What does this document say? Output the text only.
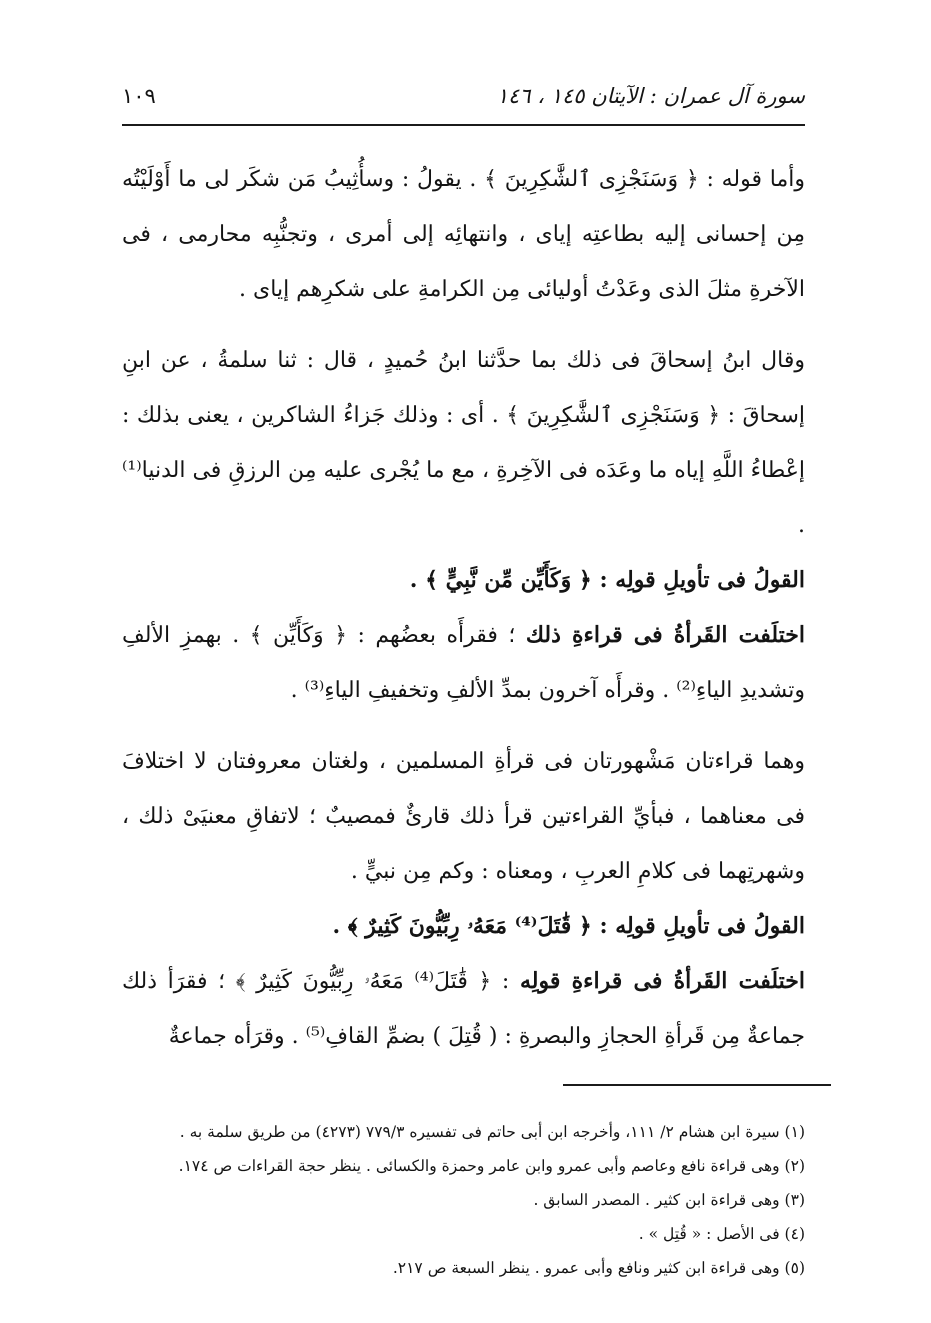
سورة آل عمران : الآيتان ١٤٥ ، ١٤٦
١٠٩

وأما قوله : ﴿ وَسَنَجْزِى ٱلشَّٰكِرِينَ ﴾ . يقولُ : وسأُثِيبُ مَن شكَر لى ما أَوْلَيْتُه مِن إحسانى إليه بطاعتِه إياى ، وانتهائِه إلى أمرى ، وتجنُّبِه محارمى ، فى الآخرةِ مثلَ الذى وعَدْتُ أوليائى مِن الكرامةِ على شكرِهم إياى .

وقال ابنُ إسحاقَ فى ذلك بما حدَّثنا ابنُ حُميدٍ ، قال : ثنا سلمةُ ، عن ابنِ إسحاقَ : ﴿ وَسَنَجْزِى ٱلشَّٰكِرِينَ ﴾ . أى : وذلك جَزاءُ الشاكرين ، يعنى بذلك : إعْطاءُ اللَّهِ إياه ما وعَدَه فى الآخِرةِ ، مع ما يُجْرى عليه مِن الرزقِ فى الدنيا⁽¹⁾ .

القولُ فى تأويلِ قولِه : ﴿ وَكَأَيِّن مِّن نَّبِيٍّ ﴾ .

اختلَفت القَرأةُ فى قراءةِ ذلك ؛ فقرأَه بعضُهم : ﴿ وَكَأَيِّن ﴾ . بهمزِ الألفِ وتشديدِ الياءِ⁽²⁾ . وقرأَه آخرون بمدِّ الألفِ وتخفيفِ الياءِ⁽³⁾ .

وهما قراءتان مَشْهورتان فى قرأةِ المسلمين ، ولغتان معروفتان لا اختلافَ فى معناهما ، فبأيِّ القراءتين قرأ ذلك قارئٌ فمصيبٌ ؛ لاتفاقِ معنيَىْ ذلك ، وشهرتِهما فى كلامِ العربِ ، ومعناه : وكم مِن نبيٍّ .

القولُ فى تأويلِ قولِه : ﴿ قَٰتَلَ⁽⁴⁾ مَعَهُۥ رِبِّيُّونَ كَثِيرٌ ﴾ .

اختلَفت القَرأةُ فى قراءةِ قولِه : ﴿ قَٰتَلَ⁽⁴⁾ مَعَهُۥ رِبِّيُّونَ كَثِيرٌ ﴾ ؛ فقرَأ ذلك جماعةٌ مِن قَرأةِ الحجازِ والبصرةِ : ( قُتِلَ ) بضمِّ القافِ⁽⁵⁾ . وقرَأه جماعةٌ

(١) سيرة ابن هشام ٢/ ١١١، وأخرجه ابن أبى حاتم فى تفسيره ٧٧٩/٣ (٤٢٧٣) من طريق سلمة به .
(٢) وهى قراءة نافع وعاصم وأبى عمرو وابن عامر وحمزة والكسائى . ينظر حجة القراءات ص ١٧٤.
(٣) وهى قراءة ابن كثير . المصدر السابق .
(٤) فى الأصل : « قُتِل » .
(٥) وهى قراءة ابن كثير ونافع وأبى عمرو . ينظر السبعة ص ٢١٧.
